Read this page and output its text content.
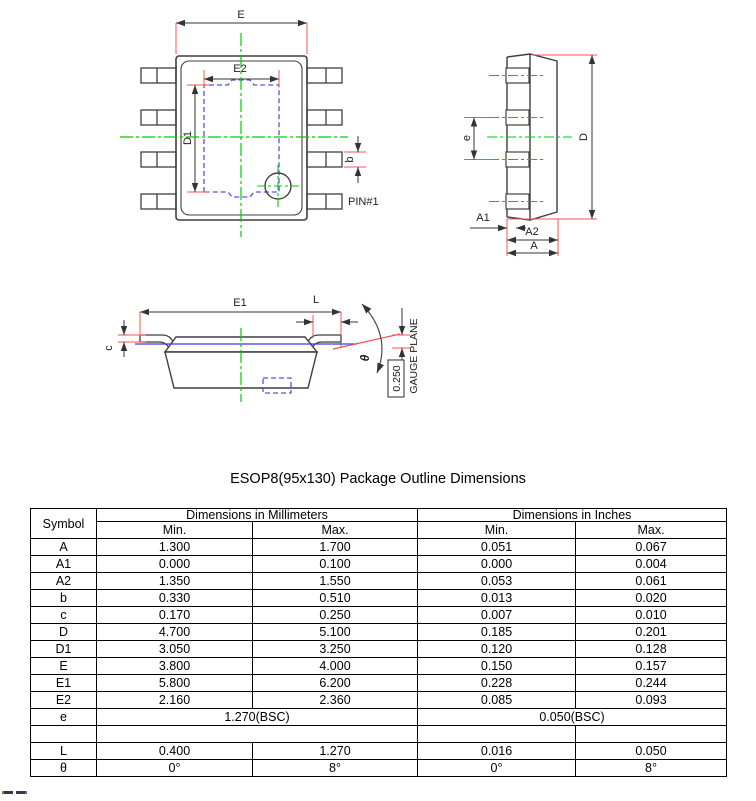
E
E2
D1
PIN#1
b
e	D
A1
A2
A
E1
c
L
θ
0.250 GAUGE PLANE
ESOP8(95x130) Package Outline Dimensions
Symbol	Dimensions in Millimeters		Dimensions in Inches	
	Min.	Max.	Min.	Max.
A	1.300	1.700	0.051	0.067
A1	0.000	0.100	0.000	0.004
A2	1.350	1.550	0.053	0.061
b	0.330	0.510	0.013	0.020
c	0.170	0.250	0.007	0.010
D	4.700	5.100	0.185	0.201
D1	3.050	3.250	0.120	0.128
E	3.800	4.000	0.150	0.157
E1	5.800	6.200	0.228	0.244
E2	2.160	2.360	0.085	0.093
e	1.270(BSC)		0.050(BSC)	

L	0.400	1.270	0.016	0.050
θ	0°	8°	0°	8°
